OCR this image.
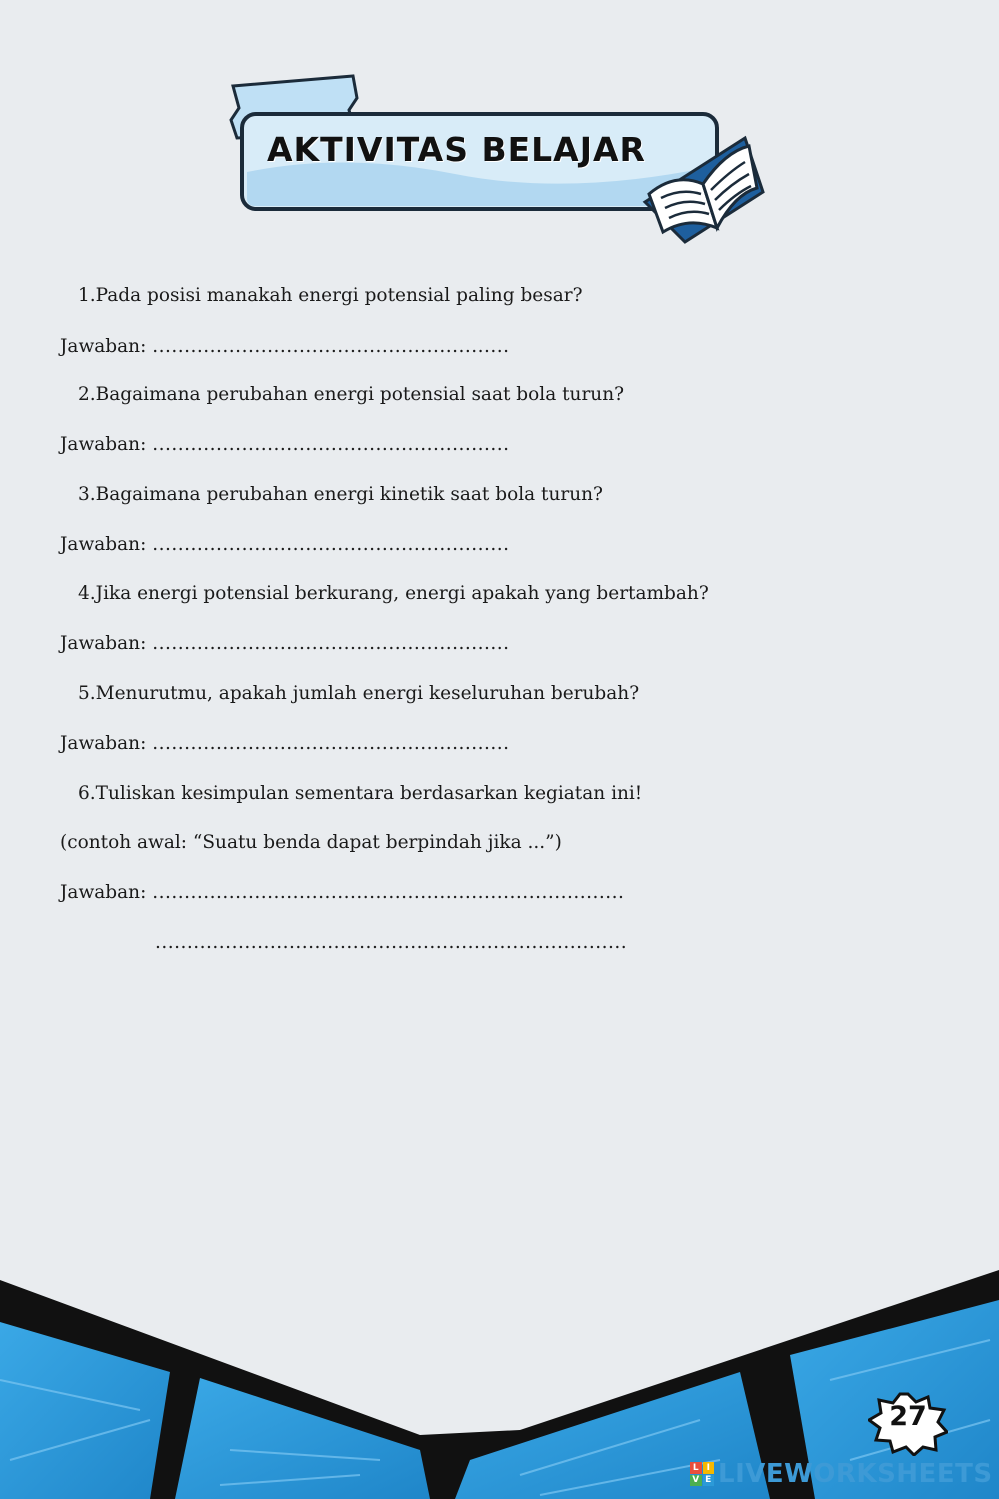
AKTIVITAS BELAJAR
1.Pada posisi manakah energi potensial paling besar?
Jawaban: ........................................................
2.Bagaimana perubahan energi potensial saat bola turun?
Jawaban: ........................................................
3.Bagaimana perubahan energi kinetik saat bola turun?
Jawaban: ........................................................
4.Jika energi potensial berkurang, energi apakah yang bertambah?
Jawaban: ........................................................
5.Menurutmu, apakah jumlah energi keseluruhan berubah?
Jawaban: ........................................................
6.Tuliskan kesimpulan sementara berdasarkan kegiatan ini!
(contoh awal: “Suatu benda dapat berpindah jika ...”)
Jawaban: ..........................................................................
..........................................................................
27
L I
V E LIVEWORKSHEETS
